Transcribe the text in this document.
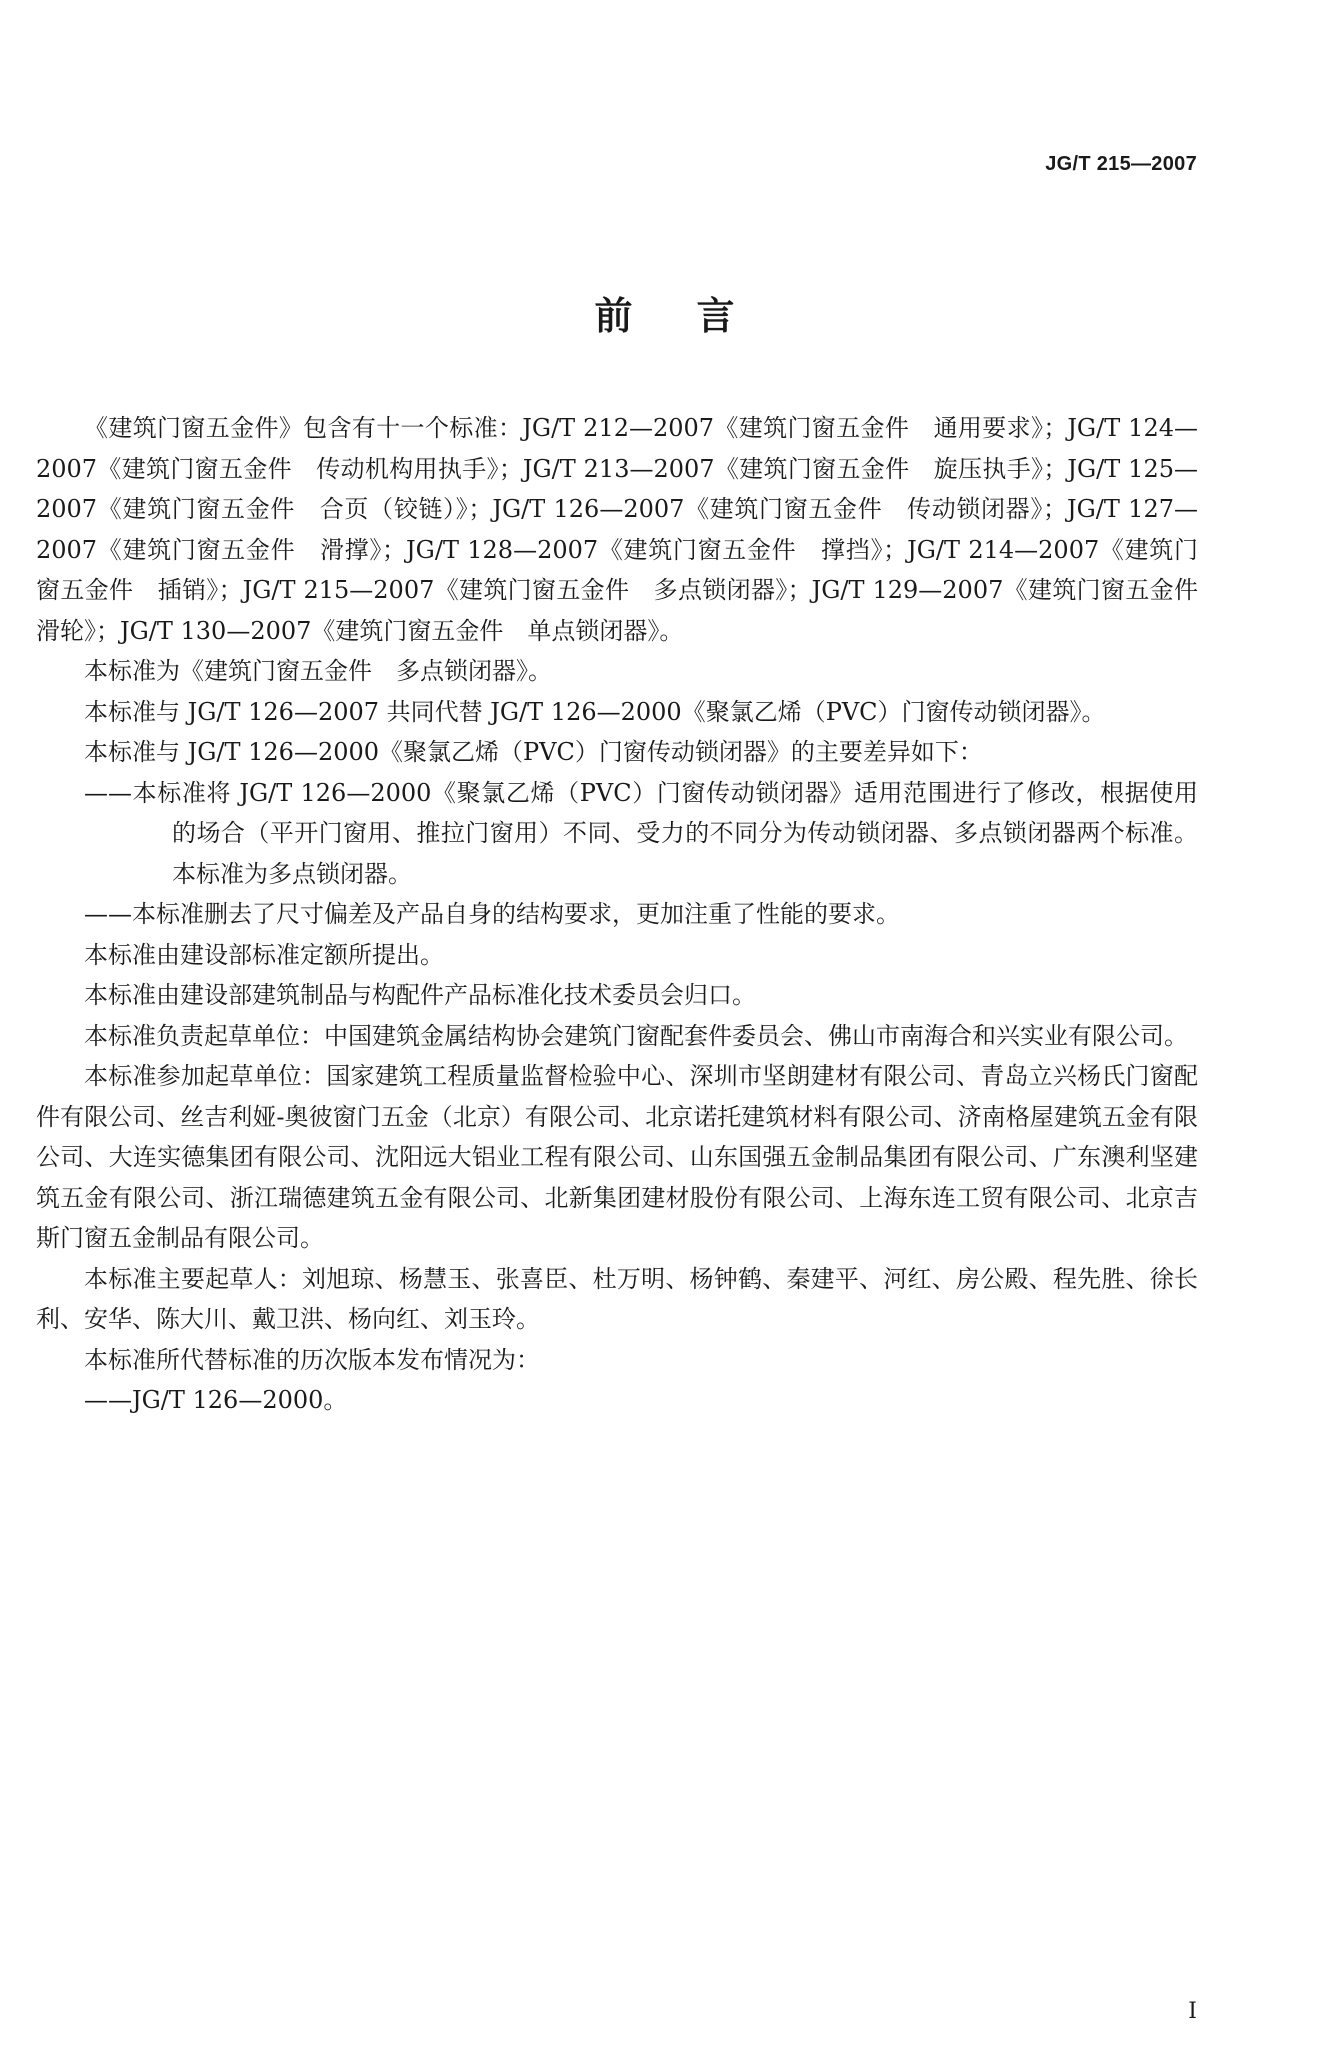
JG/T 215—2007
前言

《建筑门窗五金件》包含有十一个标准：JG/T 212—2007《建筑门窗五金件　通用要求》；JG/T 124—2007《建筑门窗五金件　传动机构用执手》；JG/T 213—2007《建筑门窗五金件　旋压执手》；JG/T 125—2007《建筑门窗五金件　合页（铰链）》；JG/T 126—2007《建筑门窗五金件　传动锁闭器》；JG/T 127—2007《建筑门窗五金件　滑撑》；JG/T 128—2007《建筑门窗五金件　撑挡》；JG/T 214—2007《建筑门窗五金件　插销》；JG/T 215—2007《建筑门窗五金件　多点锁闭器》；JG/T 129—2007《建筑门窗五金件　滑轮》；JG/T 130—2007《建筑门窗五金件　单点锁闭器》。

本标准为《建筑门窗五金件　多点锁闭器》。

本标准与 JG/T 126—2007 共同代替 JG/T 126—2000《聚氯乙烯（PVC）门窗传动锁闭器》。

本标准与 JG/T 126—2000《聚氯乙烯（PVC）门窗传动锁闭器》的主要差异如下：

——本标准将 JG/T 126—2000《聚氯乙烯（PVC）门窗传动锁闭器》适用范围进行了修改，根据使用的场合（平开门窗用、推拉门窗用）不同、受力的不同分为传动锁闭器、多点锁闭器两个标准。本标准为多点锁闭器。

——本标准删去了尺寸偏差及产品自身的结构要求，更加注重了性能的要求。

本标准由建设部标准定额所提出。

本标准由建设部建筑制品与构配件产品标准化技术委员会归口。

本标准负责起草单位：中国建筑金属结构协会建筑门窗配套件委员会、佛山市南海合和兴实业有限公司。

本标准参加起草单位：国家建筑工程质量监督检验中心、深圳市坚朗建材有限公司、青岛立兴杨氏门窗配件有限公司、丝吉利娅-奥彼窗门五金（北京）有限公司、北京诺托建筑材料有限公司、济南格屋建筑五金有限公司、大连实德集团有限公司、沈阳远大铝业工程有限公司、山东国强五金制品集团有限公司、广东澳利坚建筑五金有限公司、浙江瑞德建筑五金有限公司、北新集团建材股份有限公司、上海东连工贸有限公司、北京吉斯门窗五金制品有限公司。

本标准主要起草人：刘旭琼、杨慧玉、张喜臣、杜万明、杨钟鹤、秦建平、河红、房公殿、程先胜、徐长利、安华、陈大川、戴卫洪、杨向红、刘玉玲。

本标准所代替标准的历次版本发布情况为：

——JG/T 126—2000。

I
